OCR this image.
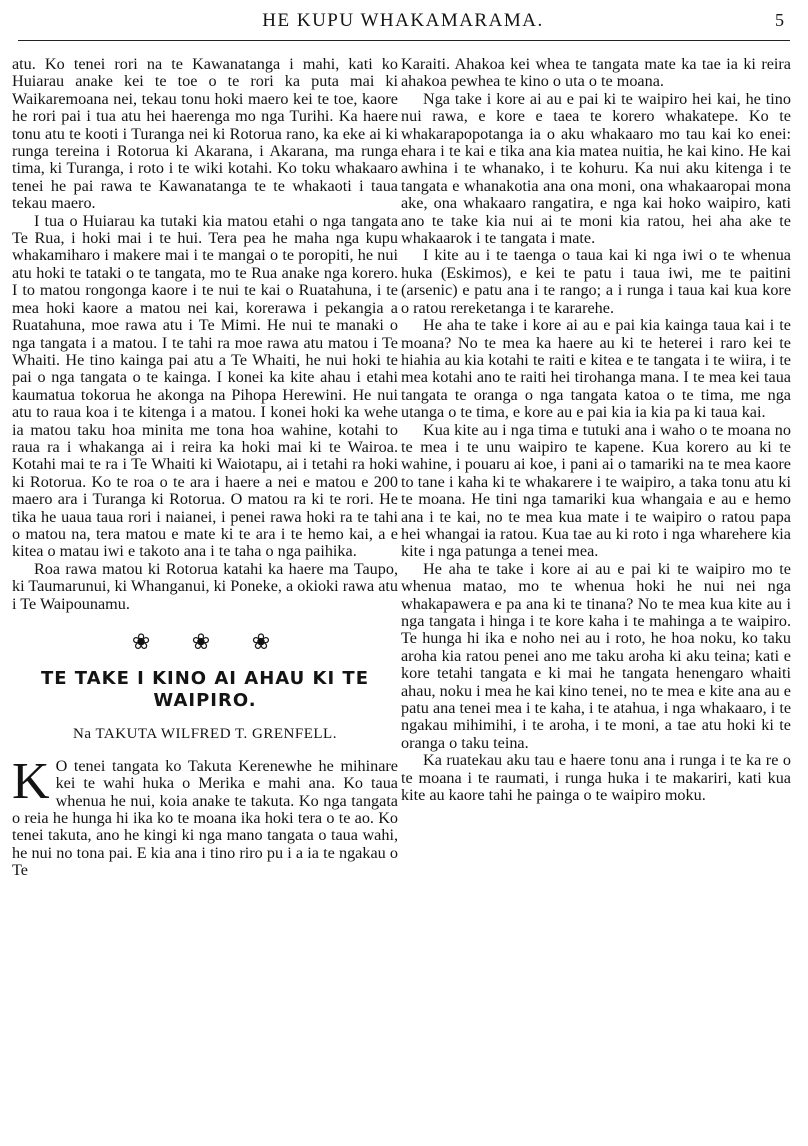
HE KUPU WHAKAMARAMA.	5

atu. Ko tenei rori na te Kawanatanga i mahi, kati ko Huiarau anake kei te toe o te rori ka puta mai ki Waikaremoana nei, tekau tonu hoki maero kei te toe, kaore he rori pai i tua atu hei haerenga mo nga Turihi. Ka haere tonu atu te kooti i Turanga nei ki Rotorua rano, ka eke ai ki runga tereina i Rotorua ki Akarana, i Akarana, ma runga tima, ki Turanga, i roto i te wiki kotahi. Ko toku whakaaro tenei he pai rawa te Kawanatanga te te whakaoti i taua tekau maero.

I tua o Huiarau ka tutaki kia matou etahi o nga tangata Te Rua, i hoki mai i te hui. Tera pea he maha nga kupu whakamiharo i makere mai i te mangai o te poropiti, he nui atu hoki te tataki o te tangata, mo te Rua anake nga korero. I to matou rongonga kaore i te nui te kai o Ruatahuna, i te mea hoki kaore a matou nei kai, korerawa i pekangia a Ruatahuna, moe rawa atu i Te Mimi. He nui te manaki o nga tangata i a matou. I te tahi ra moe rawa atu matou i Te Whaiti. He tino kainga pai atu a Te Whaiti, he nui hoki te pai o nga tangata o te kainga. I konei ka kite ahau i etahi kaumatua tokorua he akonga na Pihopa Herewini. He nui atu to raua koa i te kitenga i a matou. I konei hoki ka wehe ia matou taku hoa minita me tona hoa wahine, kotahi to raua ra i whakanga ai i reira ka hoki mai ki te Wairoa. Kotahi mai te ra i Te Whaiti ki Waiotapu, ai i tetahi ra hoki ki Rotorua. Ko te roa o te ara i haere a nei e matou e 200 maero ara i Turanga ki Rotorua. O matou ra ki te rori. He tika he uaua taua rori i naianei, i penei rawa hoki ra te tahi o matou na, tera matou e mate ki te ara i te hemo kai, a e kitea o matau iwi e takoto ana i te taha o nga paihika.

Roa rawa matou ki Rotorua katahi ka haere ma Taupo, ki Taumarunui, ki Whanganui, ki Poneke, a okioki rawa atu i Te Waipounamu.

❀ ❀ ❀
TE TAKE I KINO AI AHAU KI TE WAIPIRO.
Na TAKUTA WILFRED T. GRENFELL.

K O tenei tangata ko Takuta Kerenewhe he mihinare kei te wahi huka o Merika e mahi ana. Ko taua whenua he nui, koia anake te takuta. Ko nga tangata o reia he hunga hi ika ko te moana ika hoki tera o te ao. Ko tenei takuta, ano he kingi ki nga mano tangata o taua wahi, he nui no tona pai. E kia ana i tino riro pu i a ia te ngakau o Te

Karaiti. Ahakoa kei whea te tangata mate ka tae ia ki reira ahakoa pewhea te kino o uta o te moana.

Nga take i kore ai au e pai ki te waipiro hei kai, he tino nui rawa, e kore e taea te korero whakatepe. Ko te whakarapopotanga ia o aku whakaaro mo tau kai ko enei: ehara i te kai e tika ana kia matea nuitia, he kai kino. He kai awhina i te whanako, i te kohuru. Ka nui aku kitenga i te tangata e whanakotia ana ona moni, ona whakaaropai mona ake, ona whakaaro rangatira, e nga kai hoko waipiro, kati ano te take kia nui ai te moni kia ratou, hei aha ake te whakaarok i te tangata i mate.

I kite au i te taenga o taua kai ki nga iwi o te whenua huka (Eskimos), e kei te patu i taua iwi, me te paitini (arsenic) e patu ana i te rango; a i runga i taua kai kua kore o ratou rereketanga i te kararehe.

He aha te take i kore ai au e pai kia kainga taua kai i te moana? No te mea ka haere au ki te heterei i raro kei te hiahia au kia kotahi te raiti e kitea e te tangata i te wiira, i te mea kotahi ano te raiti hei tirohanga mana. I te mea kei taua tangata te oranga o nga tangata katoa o te tima, me nga utanga o te tima, e kore au e pai kia ia kia pa ki taua kai.

Kua kite au i nga tima e tutuki ana i waho o te moana no te mea i te unu waipiro te kapene. Kua korero au ki te wahine, i pouaru ai koe, i pani ai o tamariki na te mea kaore to tane i kaha ki te whakarere i te waipiro, a taka tonu atu ki te moana. He tini nga tamariki kua whangaia e au e hemo ana i te kai, no te mea kua mate i te waipiro o ratou papa hei whangai ia ratou. Kua tae au ki roto i nga wharehere kia kite i nga patunga a tenei mea.

He aha te take i kore ai au e pai ki te waipiro mo te whenua matao, mo te whenua hoki he nui nei nga whakapawera e pa ana ki te tinana? No te mea kua kite au i nga tangata i hinga i te kore kaha i te mahinga a te waipiro. Te hunga hi ika e noho nei au i roto, he hoa noku, ko taku aroha kia ratou penei ano me taku aroha ki aku teina; kati e kore tetahi tangata e ki mai he tangata henengaro whaiti ahau, noku i mea he kai kino tenei, no te mea e kite ana au e patu ana tenei mea i te kaha, i te atahua, i nga whakaaro, i te ngakau mihimihi, i te aroha, i te moni, a tae atu hoki ki te oranga o taku teina.

Ka ruatekau aku tau e haere tonu ana i runga i te ka re o te moana i te raumati, i runga huka i te makariri, kati kua kite au kaore tahi he painga o te waipiro moku.
